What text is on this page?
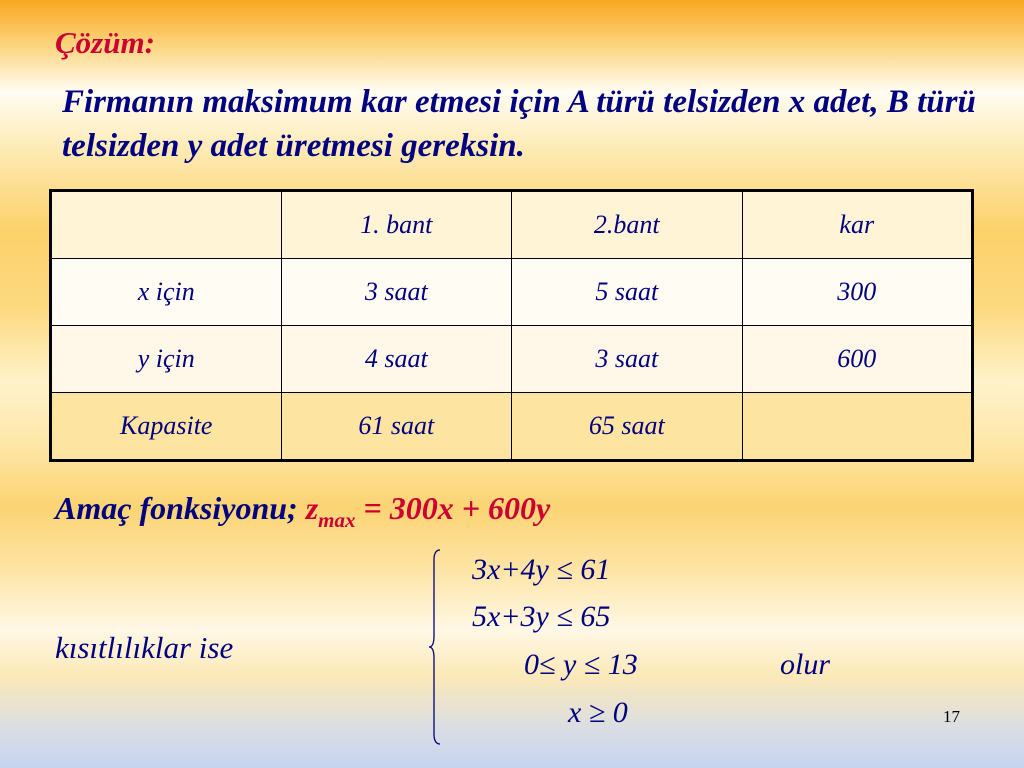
Çözüm:
Firmanın maksimum kar etmesi için A türü telsizden x adet, B türü telsizden y adet üretmesi gereksin.
	1. bant	2.bant	kar
x için	3 saat	5 saat	300
y için	4 saat	3 saat	600
Kapasite	61 saat	65 saat	
Amaç fonksiyonu; $z_{max} = 300x + 600y$
kısıtlılıklar ise
3x+4y ≤ 61
5x+3y ≤ 65
0≤ y ≤ 13
x ≥ 0
olur
17
